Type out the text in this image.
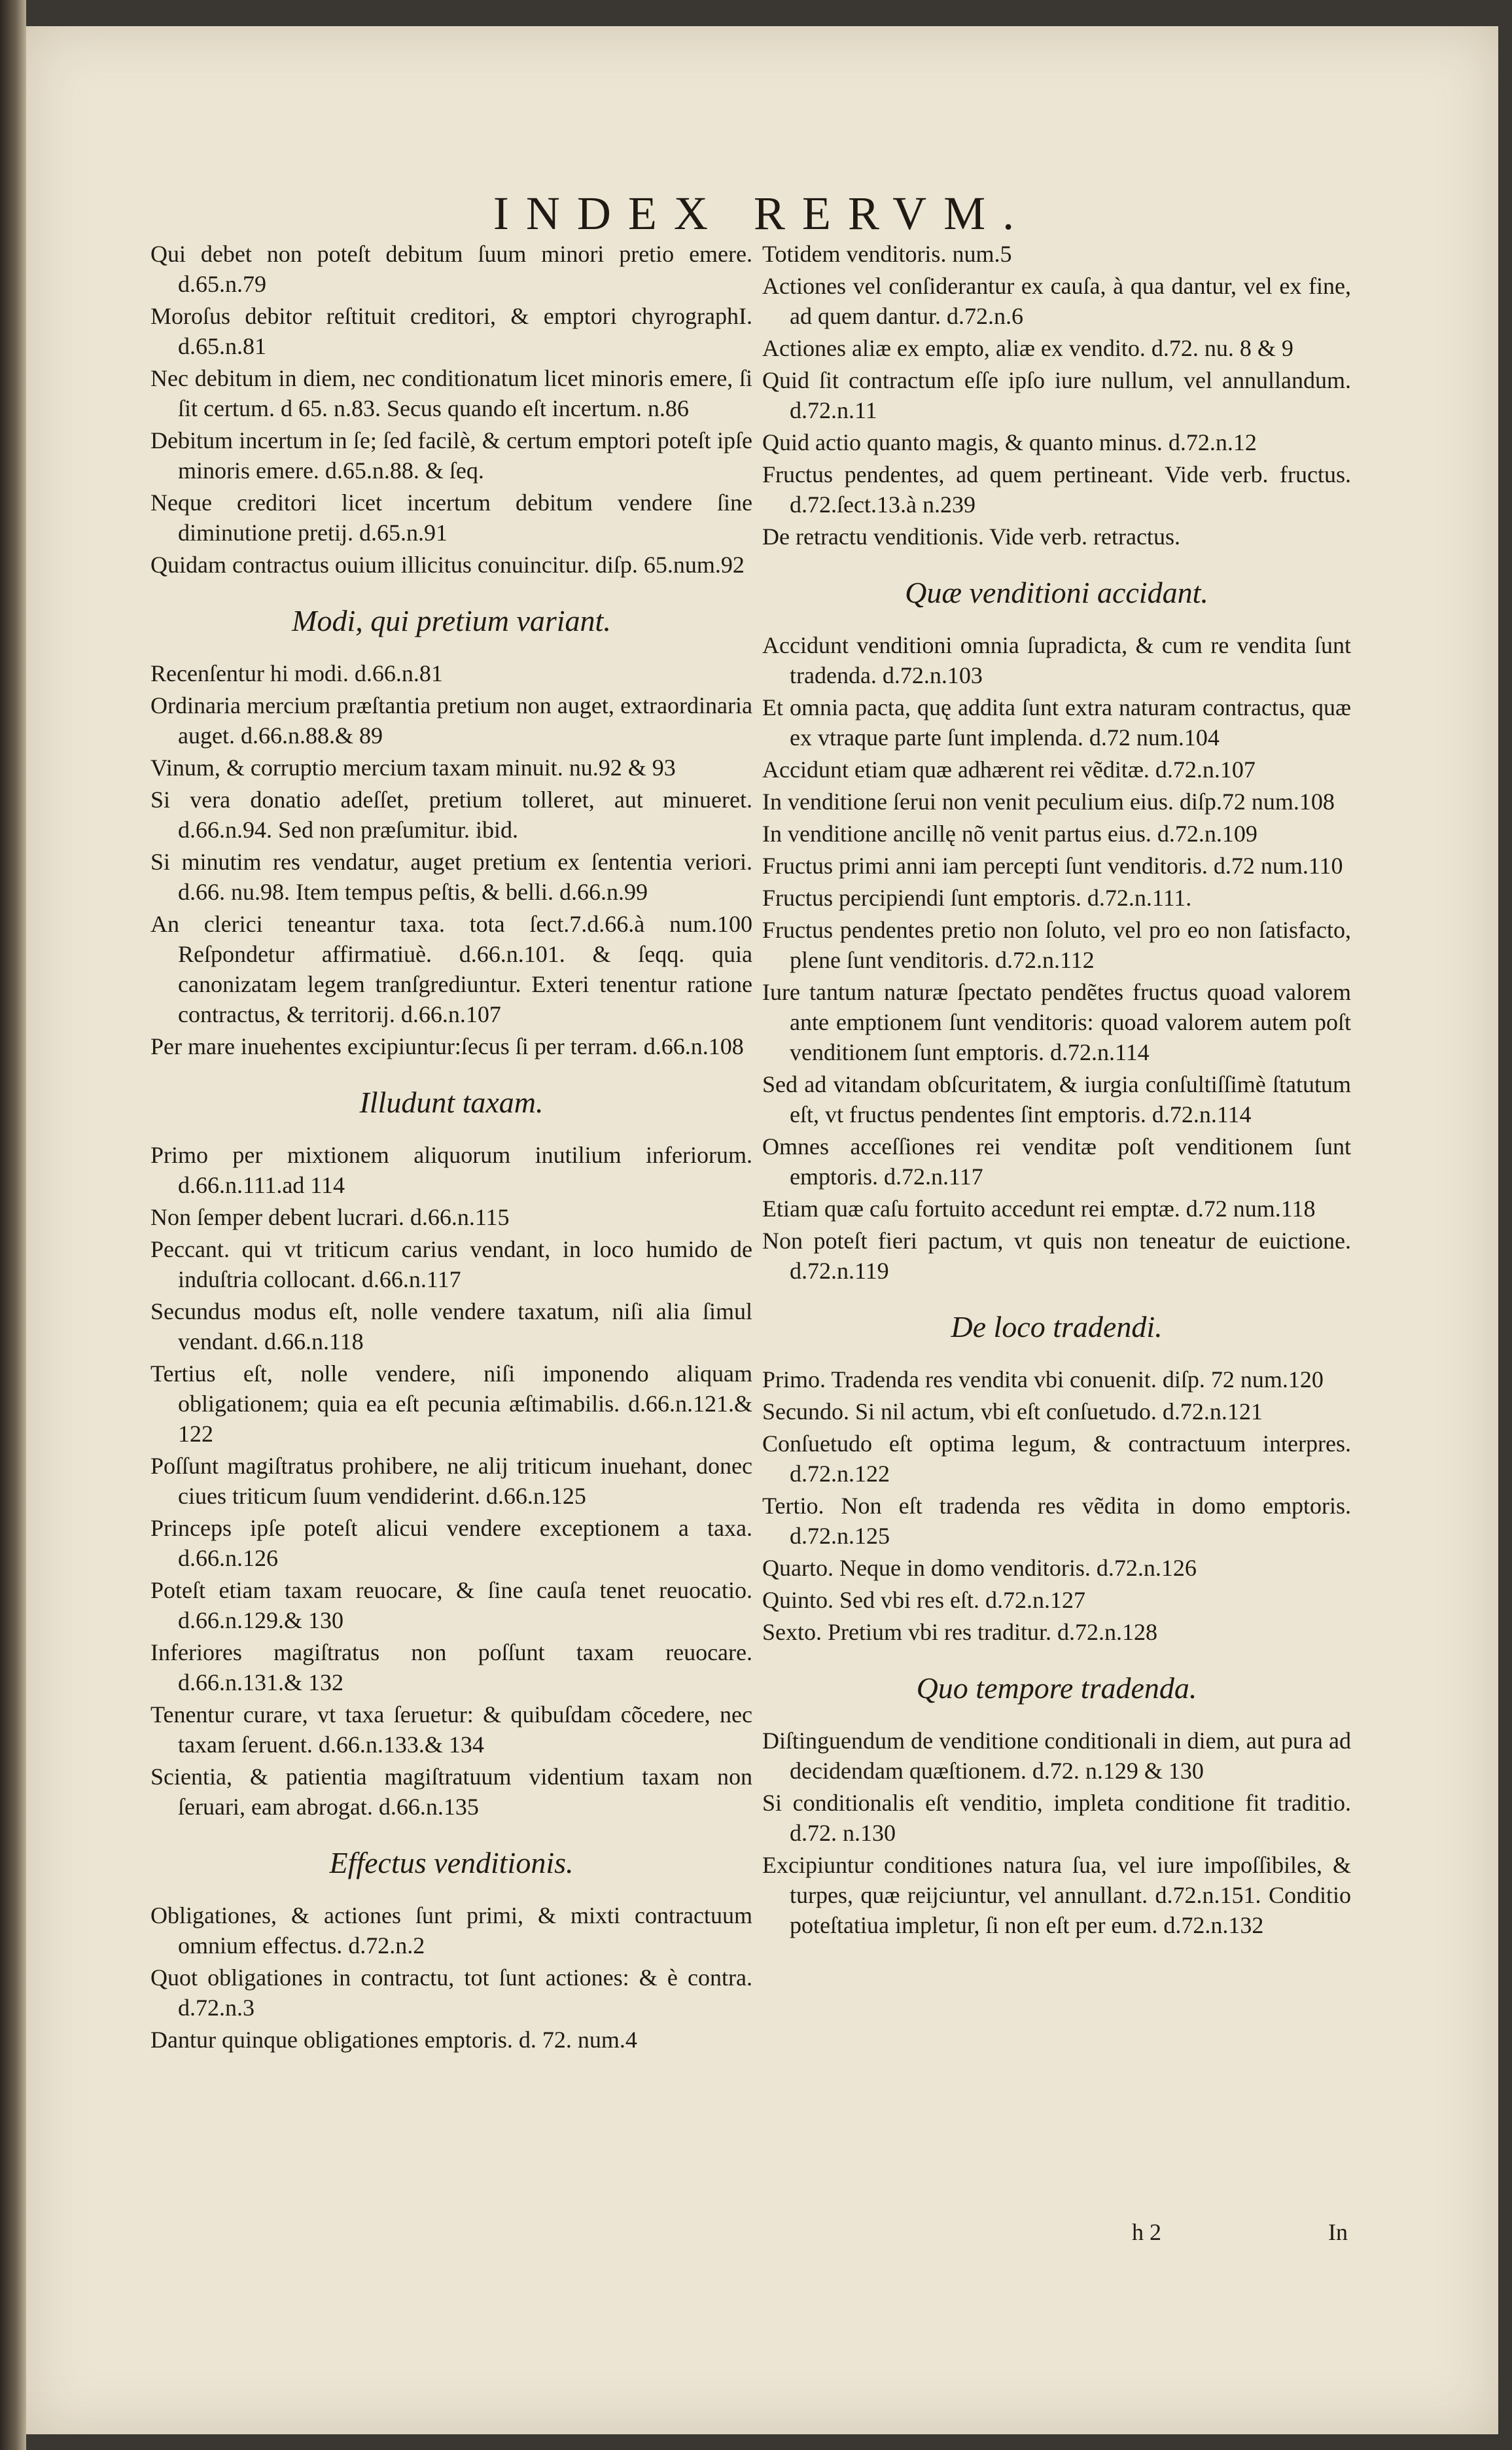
INDEX RERVM.

Qui debet non poteſt debitum ſuum minori pretio emere. d.65.n.79

Moroſus debitor reſtituit creditori, & emptori chyrographI. d.65.n.81

Nec debitum in diem, nec conditionatum licet minoris emere, ſi ſit certum. d 65. n.83. Secus quando eſt incertum. n.86

Debitum incertum in ſe; ſed facilè, & certum emptori poteſt ipſe minoris emere. d.65.n.88. & ſeq.

Neque creditori licet incertum debitum vendere ſine diminutione pretij. d.65.n.91

Quidam contractus ouium illicitus conuincitur. diſp. 65.num.92

Modi, qui pretium variant.

Recenſentur hi modi. d.66.n.81

Ordinaria mercium præſtantia pretium non auget, extraordinaria auget. d.66.n.88.& 89

Vinum, & corruptio mercium taxam minuit. nu.92 & 93

Si vera donatio adeſſet, pretium tolleret, aut minueret. d.66.n.94. Sed non præſumitur. ibid.

Si minutim res vendatur, auget pretium ex ſententia veriori. d.66. nu.98. Item tempus peſtis, & belli. d.66.n.99

An clerici teneantur taxa. tota ſect.7.d.66.à num.100 Reſpondetur affirmatiuè. d.66.n.101. & ſeqq. quia canonizatam legem tranſgrediuntur. Exteri tenentur ratione contractus, & territorij. d.66.n.107

Per mare inuehentes excipiuntur:ſecus ſi per terram. d.66.n.108

Illudunt taxam.

Primo per mixtionem aliquorum inutilium inferiorum. d.66.n.111.ad 114

Non ſemper debent lucrari. d.66.n.115

Peccant. qui vt triticum carius vendant, in loco humido de induſtria collocant. d.66.n.117

Secundus modus eſt, nolle vendere taxatum, niſi alia ſimul vendant. d.66.n.118

Tertius eſt, nolle vendere, niſi imponendo aliquam obligationem; quia ea eſt pecunia æſtimabilis. d.66.n.121.& 122

Poſſunt magiſtratus prohibere, ne alij triticum inuehant, donec ciues triticum ſuum vendiderint. d.66.n.125

Princeps ipſe poteſt alicui vendere exceptionem a taxa. d.66.n.126

Poteſt etiam taxam reuocare, & ſine cauſa tenet reuocatio. d.66.n.129.& 130

Inferiores magiſtratus non poſſunt taxam reuocare. d.66.n.131.& 132

Tenentur curare, vt taxa ſeruetur: & quibuſdam cõcedere, nec taxam ſeruent. d.66.n.133.& 134

Scientia, & patientia magiſtratuum videntium taxam non ſeruari, eam abrogat. d.66.n.135

Effectus venditionis.

Obligationes, & actiones ſunt primi, & mixti contractuum omnium effectus. d.72.n.2

Quot obligationes in contractu, tot ſunt actiones: & è contra. d.72.n.3

Dantur quinque obligationes emptoris. d. 72. num.4

Totidem venditoris. num.5

Actiones vel conſiderantur ex cauſa, à qua dantur, vel ex fine, ad quem dantur. d.72.n.6

Actiones aliæ ex empto, aliæ ex vendito. d.72. nu. 8 & 9

Quid ſit contractum eſſe ipſo iure nullum, vel annullandum. d.72.n.11

Quid actio quanto magis, & quanto minus. d.72.n.12

Fructus pendentes, ad quem pertineant. Vide verb. fructus. d.72.ſect.13.à n.239

De retractu venditionis. Vide verb. retractus.

Quæ venditioni accidant.

Accidunt venditioni omnia ſupradicta, & cum re vendita ſunt tradenda. d.72.n.103

Et omnia pacta, quę addita ſunt extra naturam contractus, quæ ex vtraque parte ſunt implenda. d.72 num.104

Accidunt etiam quæ adhærent rei vẽditæ. d.72.n.107

In venditione ſerui non venit peculium eius. diſp.72 num.108

In venditione ancillę nõ venit partus eius. d.72.n.109

Fructus primi anni iam percepti ſunt venditoris. d.72 num.110

Fructus percipiendi ſunt emptoris. d.72.n.111.

Fructus pendentes pretio non ſoluto, vel pro eo non ſatisfacto, plene ſunt venditoris. d.72.n.112

Iure tantum naturæ ſpectato pendẽtes fructus quoad valorem ante emptionem ſunt venditoris: quoad valorem autem poſt venditionem ſunt emptoris. d.72.n.114

Sed ad vitandam obſcuritatem, & iurgia conſultiſſimè ſtatutum eſt, vt fructus pendentes ſint emptoris. d.72.n.114

Omnes acceſſiones rei venditæ poſt venditionem ſunt emptoris. d.72.n.117

Etiam quæ caſu fortuito accedunt rei emptæ. d.72 num.118

Non poteſt fieri pactum, vt quis non teneatur de euictione. d.72.n.119

De loco tradendi.

Primo. Tradenda res vendita vbi conuenit. diſp. 72 num.120

Secundo. Si nil actum, vbi eſt conſuetudo. d.72.n.121

Conſuetudo eſt optima legum, & contractuum interpres. d.72.n.122

Tertio. Non eſt tradenda res vẽdita in domo emptoris. d.72.n.125

Quarto. Neque in domo venditoris. d.72.n.126

Quinto. Sed vbi res eſt. d.72.n.127

Sexto. Pretium vbi res traditur. d.72.n.128

Quo tempore tradenda.

Diſtinguendum de venditione conditionali in diem, aut pura ad decidendam quæſtionem. d.72. n.129 & 130

Si conditionalis eſt venditio, impleta conditione fit traditio. d.72. n.130

Excipiuntur conditiones natura ſua, vel iure impoſſibiles, & turpes, quæ reijciuntur, vel annullant. d.72.n.151. Conditio poteſtatiua impletur, ſi non eſt per eum. d.72.n.132

h 2	In
